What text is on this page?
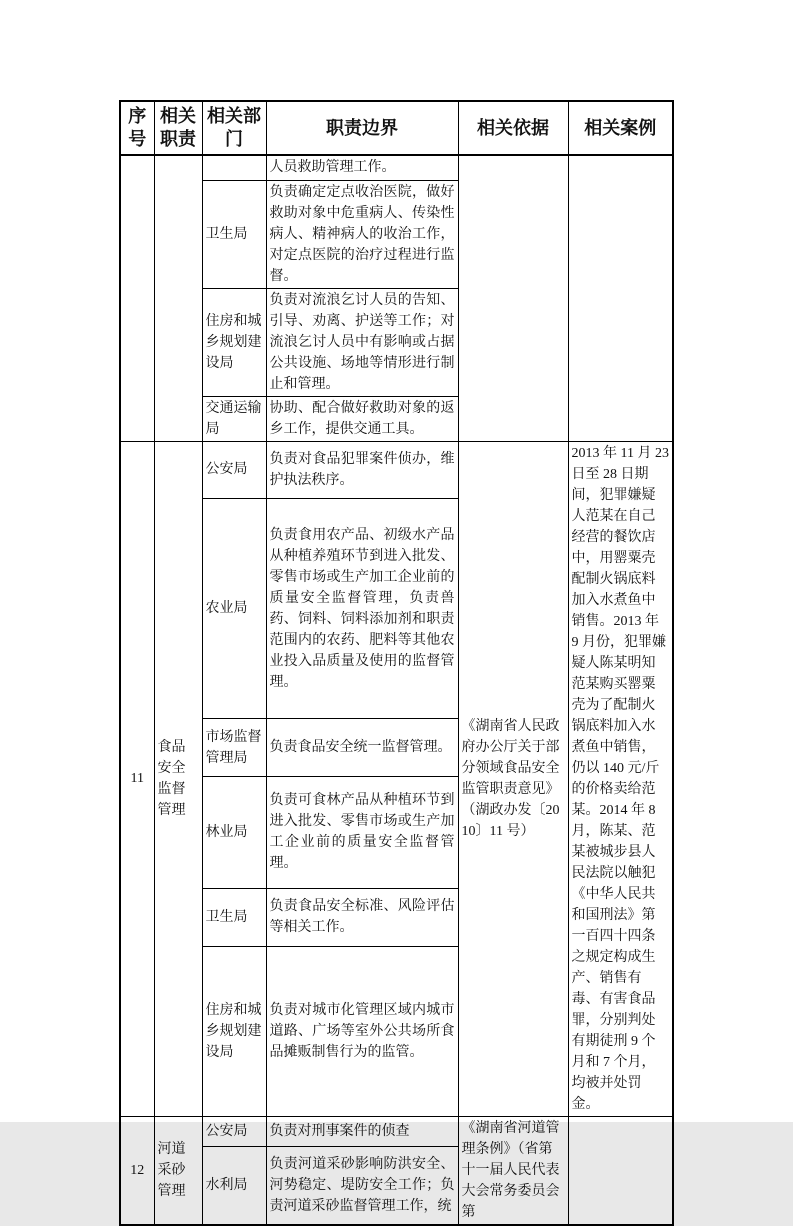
序号	相关职责	相关部门	职责边界	相关依据	相关案例
			人员救助管理工作。		
		卫生局	负责确定定点收治医院，做好救助对象中危重病人、传染性病人、精神病人的收治工作，对定点医院的治疗过程进行监督。		
		住房和城乡规划建设局	负责对流浪乞讨人员的告知、引导、劝离、护送等工作；对流浪乞讨人员中有影响或占据公共设施、场地等情形进行制止和管理。		
		交通运输局	协助、配合做好救助对象的返乡工作，提供交通工具。		
11	食品安全监督管理	公安局	负责对食品犯罪案件侦办，维护执法秩序。	《湖南省人民政府办公厅关于部分领域食品安全监管职责意见》（湖政办发〔2010〕11 号）	2013 年 11 月 23 日至 28 日期间，犯罪嫌疑人范某在自己经营的餐饮店中，用罂粟壳配制火锅底料加入水煮鱼中销售。2013 年 9 月份，犯罪嫌疑人陈某明知范某购买罂粟壳为了配制火锅底料加入水煮鱼中销售，仍以 140 元/斤的价格卖给范某。2014 年 8 月，陈某、范某被城步县人民法院以触犯《中华人民共和国刑法》第一百四十四条之规定构成生产、销售有毒、有害食品罪，分别判处有期徒刑 9 个月和 7 个月，均被并处罚金。
		农业局	负责食用农产品、初级水产品从种植养殖环节到进入批发、零售市场或生产加工企业前的质量安全监督管理，负责兽药、饲料、饲料添加剂和职责范围内的农药、肥料等其他农业投入品质量及使用的监督管理。		
		市场监督管理局	负责食品安全统一监督管理。		
		林业局	负责可食林产品从种植环节到进入批发、零售市场或生产加工企业前的质量安全监督管理。		
		卫生局	负责食品安全标准、风险评估等相关工作。		
		住房和城乡规划建设局	负责对城市化管理区域内城市道路、广场等室外公共场所食品摊贩制售行为的监管。		
12	河道采砂管理	公安局	负责对刑事案件的侦查	《湖南省河道管理条例》（省第十一届人民代表大会常务委员会第	
		水利局	负责河道采砂影响防洪安全、河势稳定、堤防安全工作；负责河道采砂监督管理工作，统		
